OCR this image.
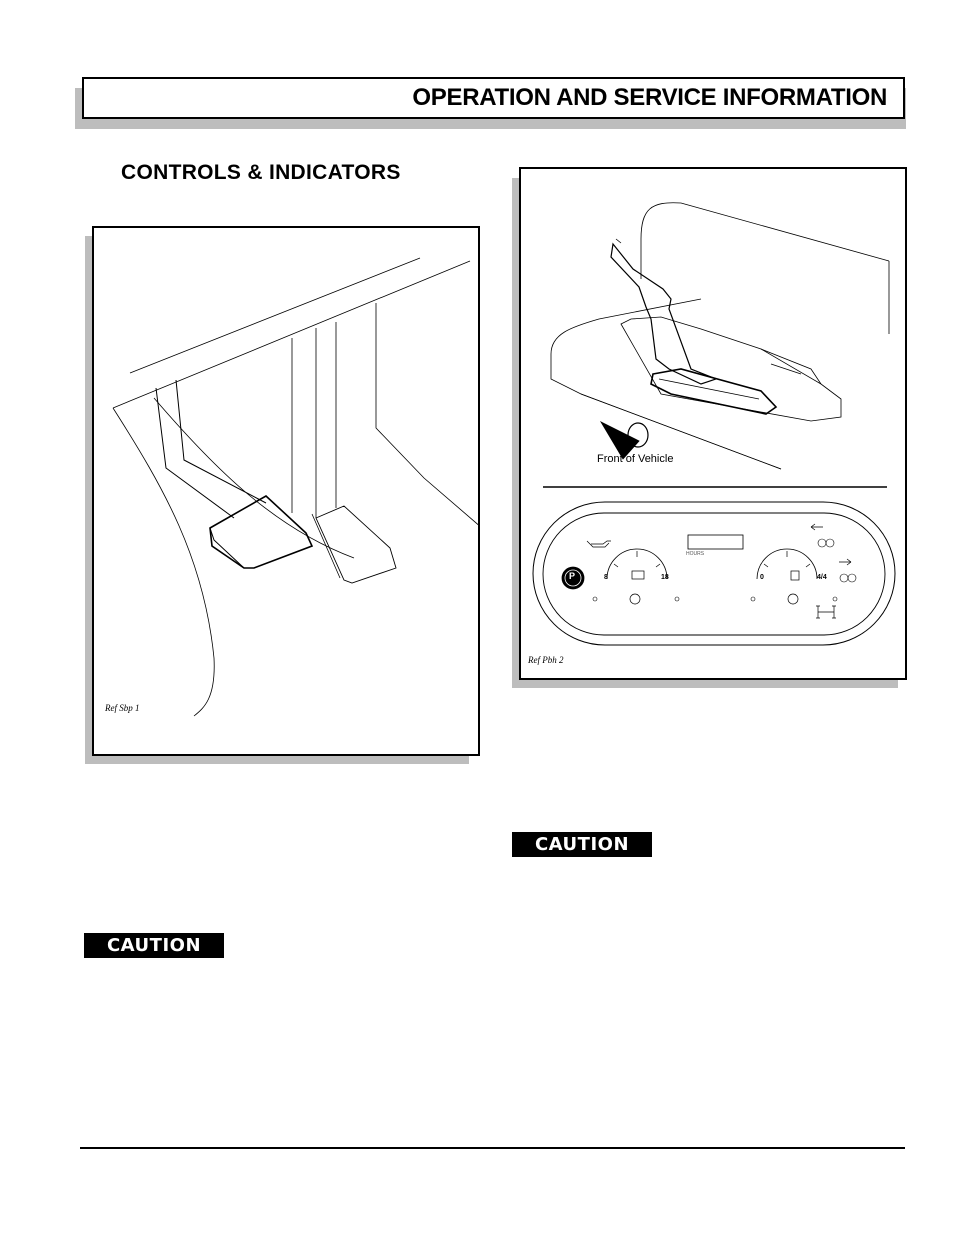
OPERATION AND SERVICE INFORMATION
CONTROLS & INDICATORS
Ref Sbp 1
Front of Vehicle
HOURS
P	8	18	0	4/4
Ref Pbh 2
CAUTION
CAUTION
